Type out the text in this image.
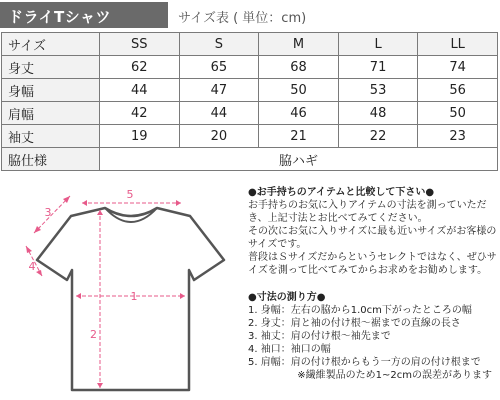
ドライTシャツ	サイズ表 ( 単位：cm)
サイズ	SS	S	M	L	LL
身丈	62	65	68	71	74
身幅	44	47	50	53	56
肩幅	42	44	46	48	50
袖丈	19	20	21	22	23
脇仕様	脇ハギ				
5
3
4
1
2
●お手持ちのアイテムと比較して下さい●
お手持ちのお気に入りアイテムの寸法を測っていただき、上記寸法とお比べてみてください。
その次にお気に入りサイズに最も近いサイズがお客様のサイズです。
普段はＳサイズだからというセレクトではなく、ぜひサイズを測って比べてみてからお求めをお勧めします。
●寸法の測り方●
1. 身幅：左右の脇から1.0cm下がったところの幅
2. 身丈：肩と袖の付け根～裾までの直線の長さ
3. 袖丈：肩の付け根～袖先まで
4. 袖口：袖口の幅
5. 肩幅：肩の付け根からもう一方の肩の付け根まで
※繊維製品のため1~2cmの誤差があります
